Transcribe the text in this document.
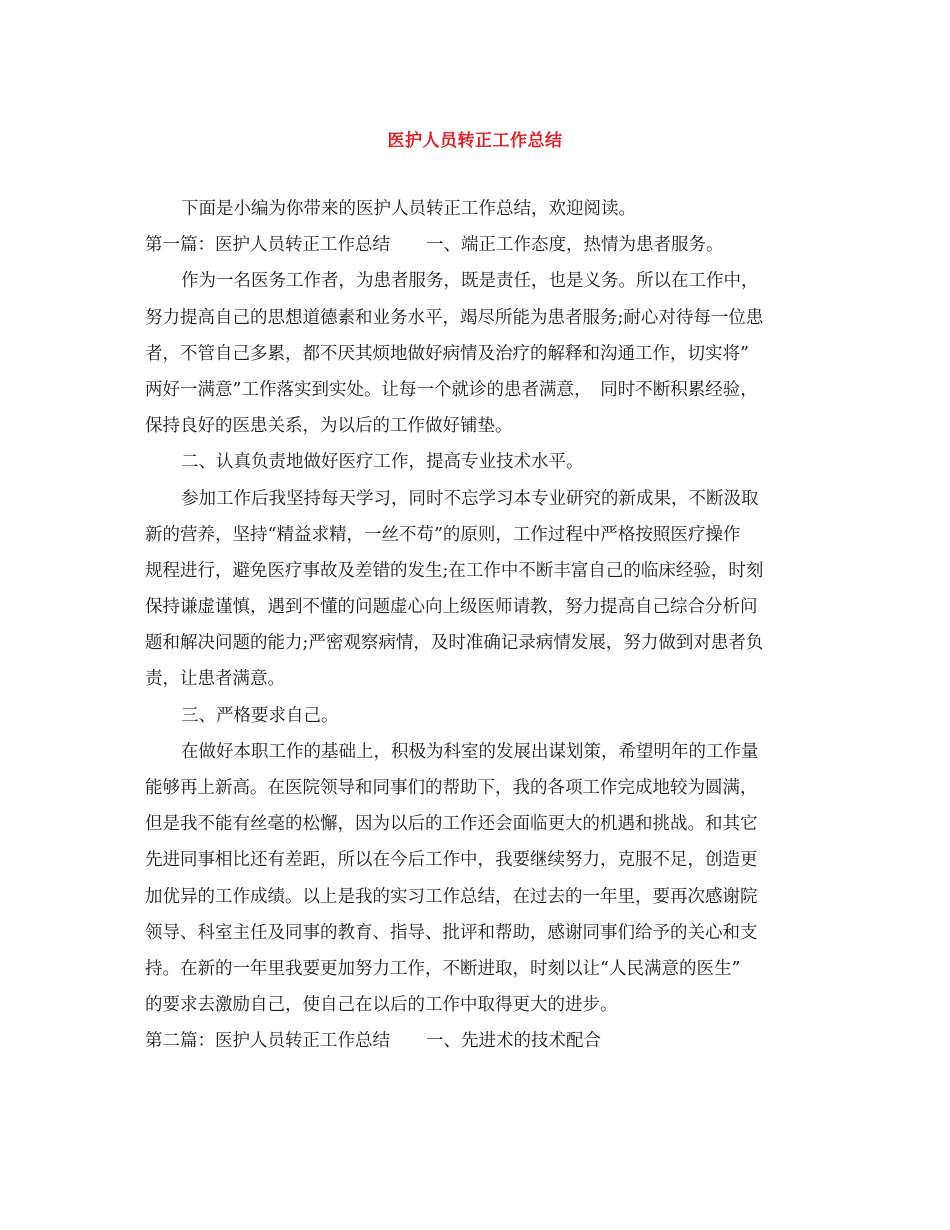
医护人员转正工作总结
下面是小编为你带来的医护人员转正工作总结，欢迎阅读。
第一篇：医护人员转正工作总结 一、端正工作态度，热情为患者服务。
作为一名医务工作者，为患者服务，既是责任，也是义务。所以在工作中，
努力提高自己的思想道德素和业务水平，竭尽所能为患者服务;耐心对待每一位患
者，不管自己多累，都不厌其烦地做好病情及治疗的解释和沟通工作，切实将”
两好一满意”工作落实到实处。让每一个就诊的患者满意，　同时不断积累经验，
保持良好的医患关系，为以后的工作做好铺垫。
二、认真负责地做好医疗工作，提高专业技术水平。
参加工作后我坚持每天学习，同时不忘学习本专业研究的新成果，不断汲取
新的营养，坚持“精益求精，一丝不苟”的原则，工作过程中严格按照医疗操作
规程进行，避免医疗事故及差错的发生;在工作中不断丰富自己的临床经验，时刻
保持谦虚谨慎，遇到不懂的问题虚心向上级医师请教，努力提高自己综合分析问
题和解决问题的能力;严密观察病情，及时准确记录病情发展，努力做到对患者负
责，让患者满意。
三、严格要求自己。
在做好本职工作的基础上，积极为科室的发展出谋划策，希望明年的工作量
能够再上新高。在医院领导和同事们的帮助下，我的各项工作完成地较为圆满，
但是我不能有丝毫的松懈，因为以后的工作还会面临更大的机遇和挑战。和其它
先进同事相比还有差距，所以在今后工作中，我要继续努力，克服不足，创造更
加优异的工作成绩。以上是我的实习工作总结，在过去的一年里，要再次感谢院
领导、科室主任及同事的教育、指导、批评和帮助，感谢同事们给予的关心和支
持。在新的一年里我要更加努力工作，不断进取，时刻以让“人民满意的医生”
的要求去激励自己，使自己在以后的工作中取得更大的进步。
第二篇：医护人员转正工作总结 一、先进术的技术配合
